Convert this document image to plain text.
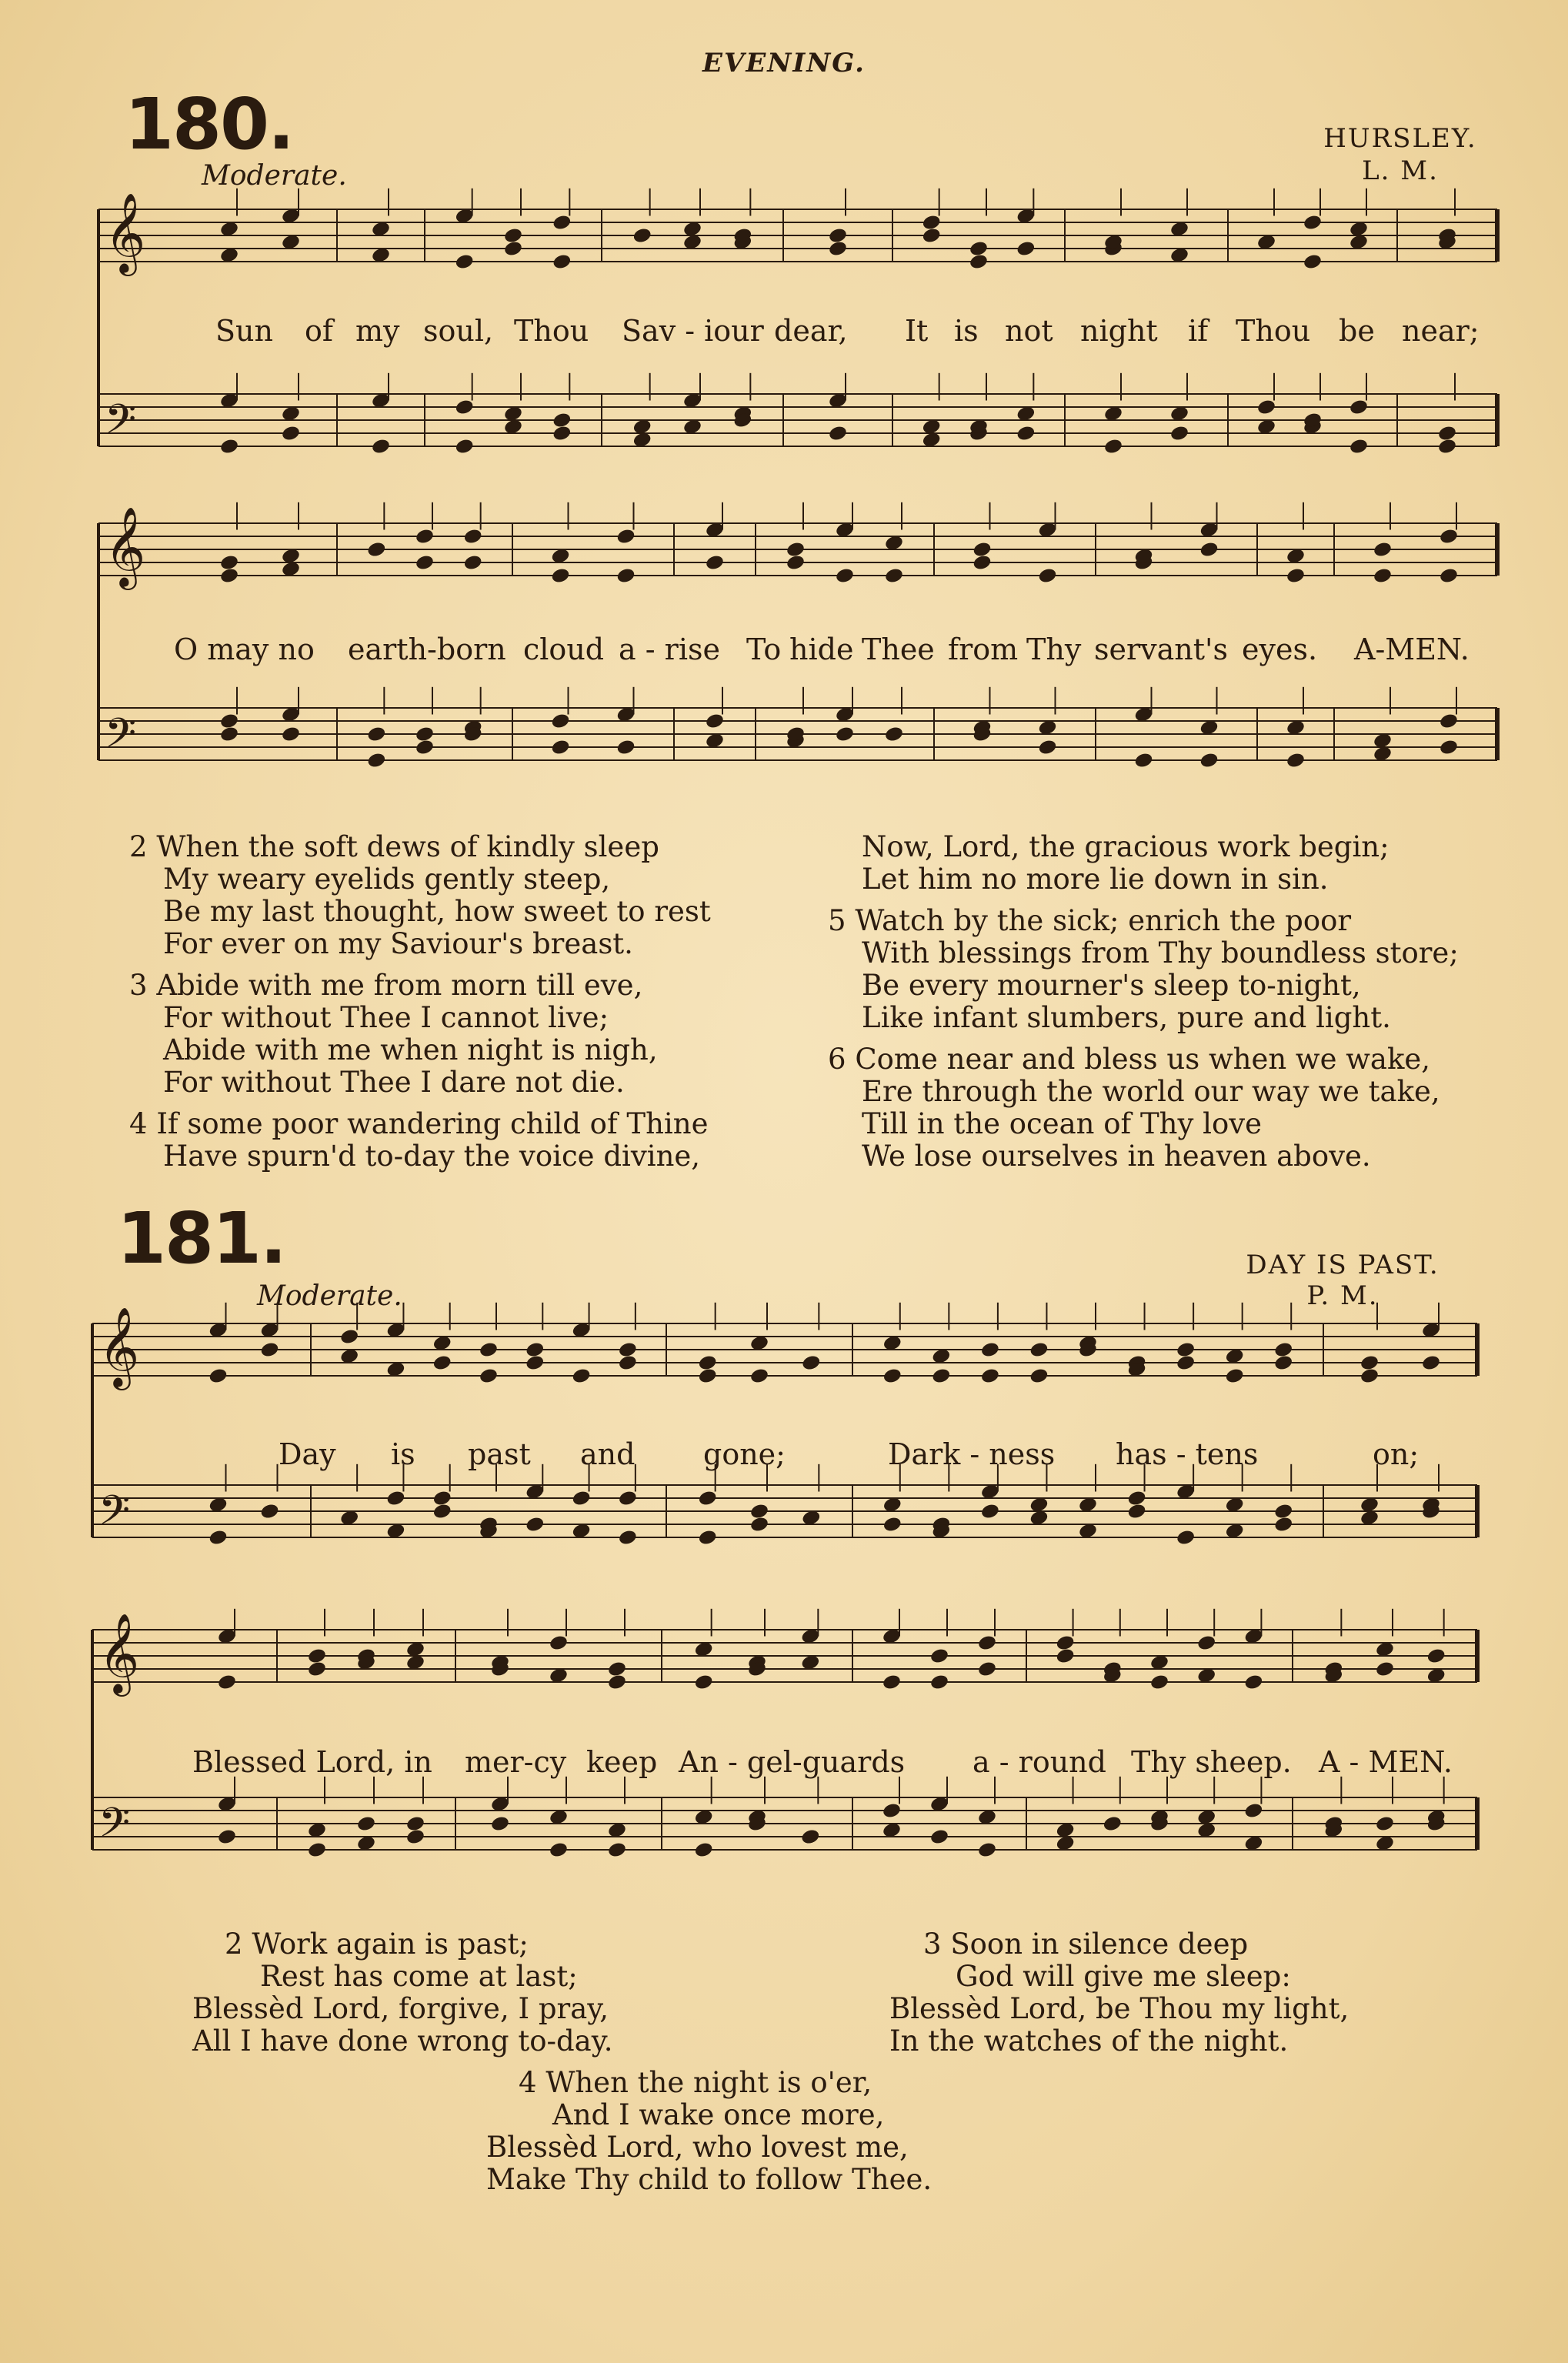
EVENING.
180.	HURSLEY.
L. M.
Moderate.
𝄞
𝄢
𝄞
𝄢
𝄞
𝄢
𝄞
𝄢
Sun of my soul, Thou Sav - iour dear, It is not night if Thou be near;
O may no earth-born cloud a - rise To hide Thee from Thy servant's eyes. A-MEN.
2 When the soft dews of kindly sleep
My weary eyelids gently steep,
Be my last thought, how sweet to rest
For ever on my Saviour's breast.
3 Abide with me from morn till eve,
For without Thee I cannot live;
Abide with me when night is nigh,
For without Thee I dare not die.
4 If some poor wandering child of Thine
Have spurn'd to-day the voice divine,
Now, Lord, the gracious work begin;
Let him no more lie down in sin.
5 Watch by the sick; enrich the poor
With blessings from Thy boundless store;
Be every mourner's sleep to-night,
Like infant slumbers, pure and light.
6 Come near and bless us when we wake,
Ere through the world our way we take,
Till in the ocean of Thy love
We lose ourselves in heaven above.
181.	DAY IS PAST.
P. M.
Moderate.
Day is past and gone;	Dark - ness has - tens	on;
Blessed Lord, in mer-cy keep An - gel-guards a - round Thy sheep. A - MEN.
2 Work again is past;
Rest has come at last;
Blessèd Lord, forgive, I pray,
All I have done wrong to-day.
3 Soon in silence deep
God will give me sleep:
Blessèd Lord, be Thou my light,
In the watches of the night.
4 When the night is o'er,
And I wake once more,
Blessèd Lord, who lovest me,
Make Thy child to follow Thee.
